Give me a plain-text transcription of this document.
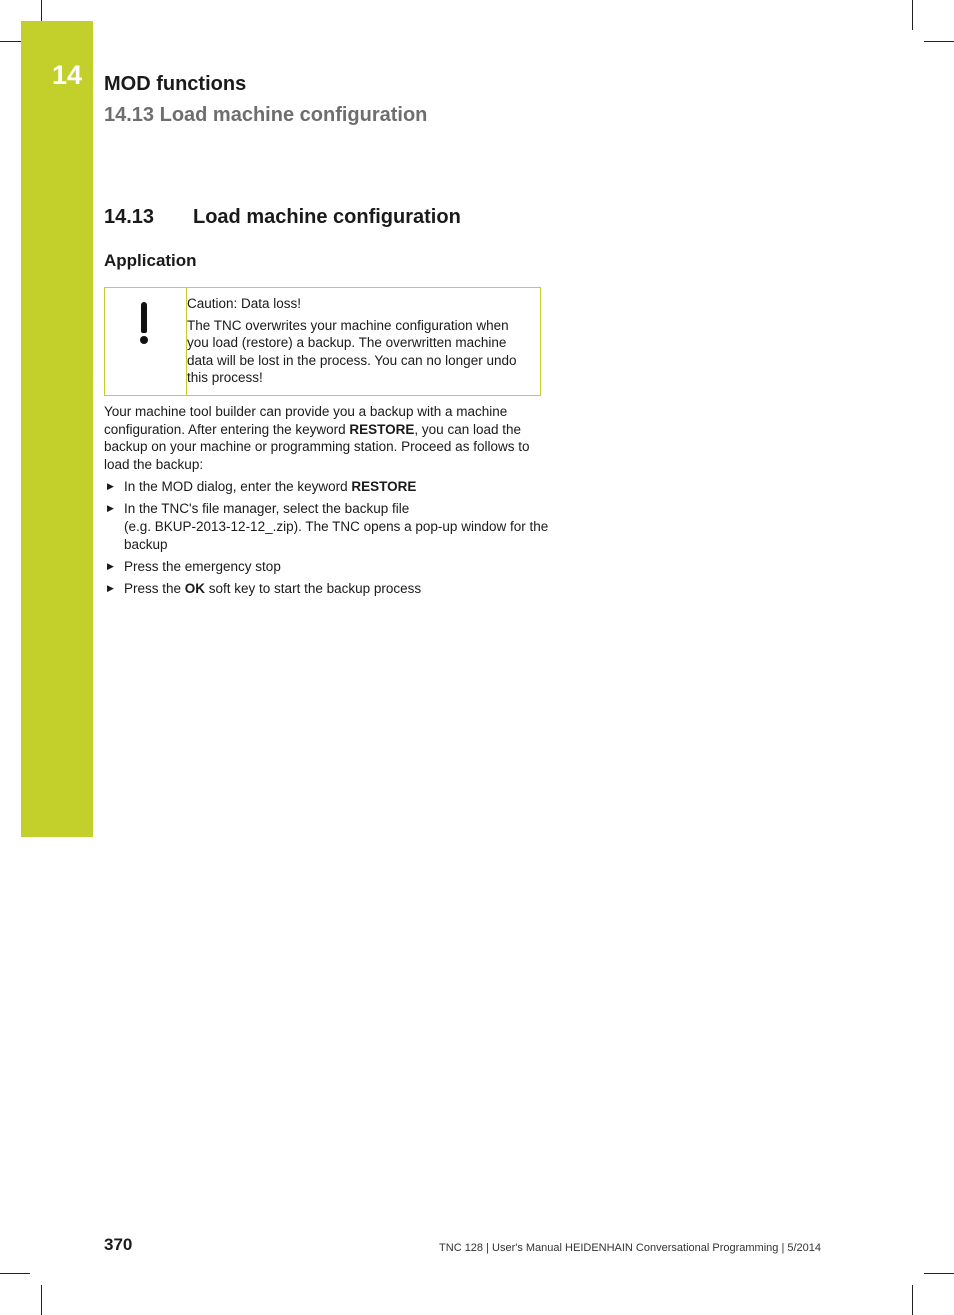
14 MOD functions
14.13 Load machine configuration
14.13 Load machine configuration
Application

Caution: Data loss!

The TNC overwrites your machine configuration when you load (restore) a backup. The overwritten machine data will be lost in the process. You can no longer undo this process!

Your machine tool builder can provide you a backup with a machine configuration. After entering the keyword RESTORE, you can load the backup on your machine or programming station. Proceed as follows to load the backup:

▶ In the MOD dialog, enter the keyword RESTORE
▶ In the TNC's file manager, select the backup file
(e.g. BKUP-2013-12-12_.zip). The TNC opens a pop-up window for the backup
▶ Press the emergency stop
▶ Press the OK soft key to start the backup process
370	TNC 128 | User's Manual HEIDENHAIN Conversational Programming | 5/2014
